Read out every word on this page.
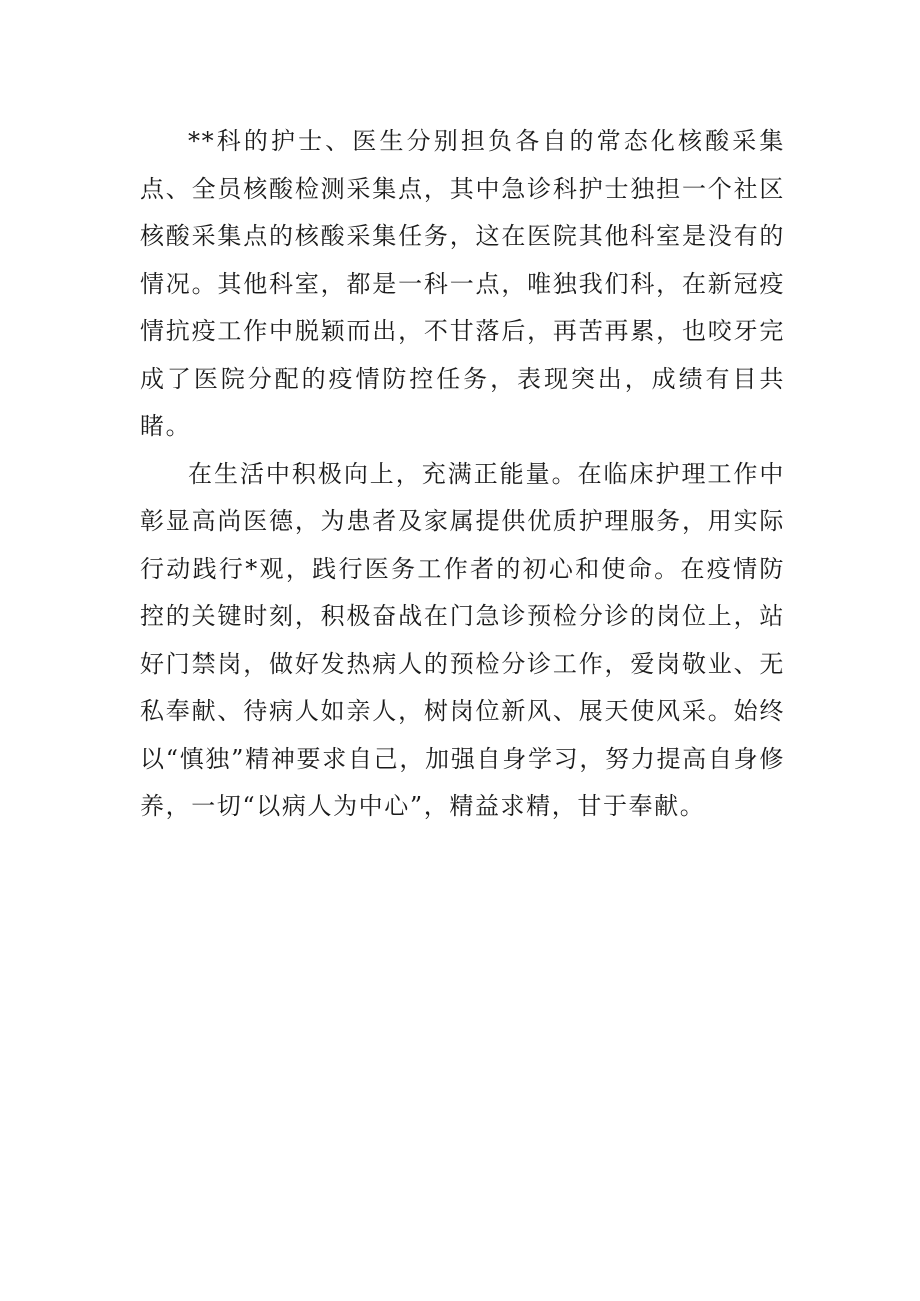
**科的护士、医生分别担负各自的常态化核酸采集点、全员核酸检测采集点，其中急诊科护士独担一个社区核酸采集点的核酸采集任务，这在医院其他科室是没有的情况。其他科室，都是一科一点，唯独我们科，在新冠疫情抗疫工作中脱颖而出，不甘落后，再苦再累，也咬牙完成了医院分配的疫情防控任务，表现突出，成绩有目共睹。

在生活中积极向上，充满正能量。在临床护理工作中彰显高尚医德，为患者及家属提供优质护理服务，用实际行动践行*观，践行医务工作者的初心和使命。在疫情防控的关键时刻，积极奋战在门急诊预检分诊的岗位上，站好门禁岗，做好发热病人的预检分诊工作，爱岗敬业、无私奉献、待病人如亲人，树岗位新风、展天使风采。始终以“慎独”精神要求自己，加强自身学习，努力提高自身修养，一切“以病人为中心”，精益求精，甘于奉献。
